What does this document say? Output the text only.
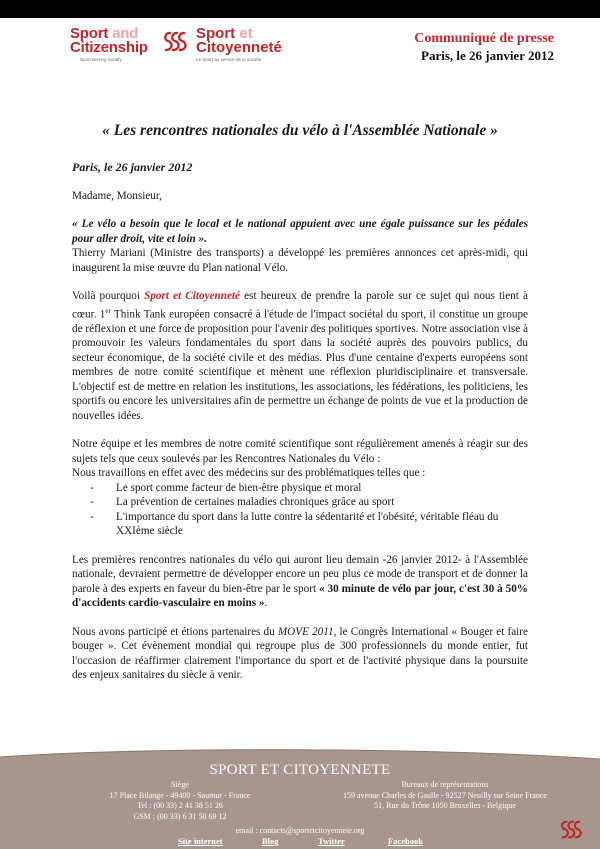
Sport and
Citizenship
Sport serving society
Sport et
Citoyenneté
Le Sport au service de la société
Communiqué de presse
Paris, le 26 janvier 2012
« Les rencontres nationales du vélo à l'Assemblée Nationale »

Paris, le 26 janvier 2012

Madame, Monsieur,

« Le vélo a besoin que le local et le national appuient avec une égale puissance sur les pédales pour aller droit, vite et loin ».

Thierry Mariani (Ministre des transports) a développé les premières annonces cet après-midi, qui inaugurent la mise œuvre du Plan national Vélo.

Voilà pourquoi Sport et Citoyenneté est heureux de prendre la parole sur ce sujet qui nous tient à cœur. 1er Think Tank européen consacré à l'étude de l'impact sociétal du sport, il constitue un groupe de réflexion et une force de proposition pour l'avenir des politiques sportives. Notre association vise à promouvoir les valeurs fondamentales du sport dans la société auprès des pouvoirs publics, du secteur économique, de la société civile et des médias. Plus d'une centaine d'experts européens sont membres de notre comité scientifique et mènent une réflexion pluridisciplinaire et transversale. L'objectif est de mettre en relation les institutions, les associations, les fédérations, les politiciens, les sportifs ou encore les universitaires afin de permettre un échange de points de vue et la production de nouvelles idées.

Notre équipe et les membres de notre comité scientifique sont régulièrement amenés à réagir sur des sujets tels que ceux soulevés par les Rencontres Nationales du Vélo :

Nous travaillons en effet avec des médecins sur des problématiques telles que :

- Le sport comme facteur de bien-être physique et moral
- La prévention de certaines maladies chroniques grâce au sport
- L'importance du sport dans la lutte contre la sédentarité et l'obésité, véritable fléau du

XXIème siècle

Les premières rencontres nationales du vélo qui auront lieu demain -26 janvier 2012- à l'Assemblée nationale, devraient permettre de développer encore un peu plus ce mode de transport et de donner la parole à des experts en faveur du bien-être par le sport « 30 minute de vélo par jour, c'est 30 à 50% d'accidents cardio-vasculaire en moins ».

Nous avons participé et étions partenaires du MOVE 2011, le Congrès International « Bouger et faire bouger ». Cet évènement mondial qui regroupe plus de 300 professionnels du monde entier, fut l'occasion de réaffirmer clairement l'importance du sport et de l'activité physique dans la poursuite des enjeux sanitaires du siècle à venir.

SPORT ET CITOYENNETE
Siège
17 Place Bilange - 49400 - Saumur - France
Tel : (00 33) 2 41 38 51 26
GSM : (00 33) 6 31 50 69 12
Bureaux de représentations
159 avenue Charles de Gaulle - 92527 Neuilly sur Seine France
51, Rue du Trône 1050 Bruxelles - Belgique
email : contacts@sportetcitoyennete.org
Site internet	Blog	Twitter	Facebook
